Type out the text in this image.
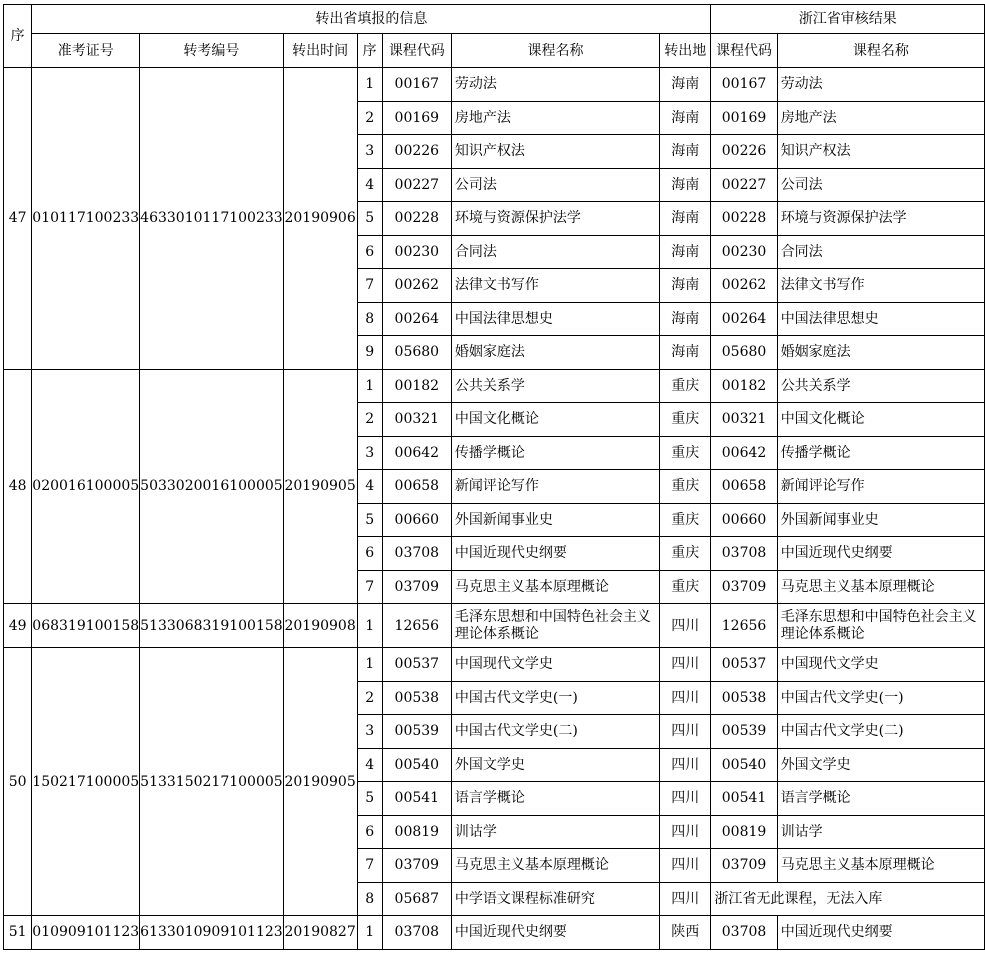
序	转出省填报的信息							浙江省审核结果	
	准考证号	转考编号	转出时间	序	课程代码	课程名称	转出地	课程代码	课程名称
47	010117100233	4633010117100233	20190906	1	00167	劳动法	海南	00167	劳动法
				2	00169	房地产法	海南	00169	房地产法
				3	00226	知识产权法	海南	00226	知识产权法
				4	00227	公司法	海南	00227	公司法
				5	00228	环境与资源保护法学	海南	00228	环境与资源保护法学
				6	00230	合同法	海南	00230	合同法
				7	00262	法律文书写作	海南	00262	法律文书写作
				8	00264	中国法律思想史	海南	00264	中国法律思想史
				9	05680	婚姻家庭法	海南	05680	婚姻家庭法
48	020016100005	5033020016100005	20190905	1	00182	公共关系学	重庆	00182	公共关系学
				2	00321	中国文化概论	重庆	00321	中国文化概论
				3	00642	传播学概论	重庆	00642	传播学概论
				4	00658	新闻评论写作	重庆	00658	新闻评论写作
				5	00660	外国新闻事业史	重庆	00660	外国新闻事业史
				6	03708	中国近现代史纲要	重庆	03708	中国近现代史纲要
				7	03709	马克思主义基本原理概论	重庆	03709	马克思主义基本原理概论
49	068319100158	5133068319100158	20190908	1	12656	毛泽东思想和中国特色社会主义理论体系概论	四川	12656	毛泽东思想和中国特色社会主义理论体系概论
50	150217100005	5133150217100005	20190905	1	00537	中国现代文学史	四川	00537	中国现代文学史
				2	00538	中国古代文学史(一)	四川	00538	中国古代文学史(一)
				3	00539	中国古代文学史(二)	四川	00539	中国古代文学史(二)
				4	00540	外国文学史	四川	00540	外国文学史
				5	00541	语言学概论	四川	00541	语言学概论
				6	00819	训诂学	四川	00819	训诂学
				7	03709	马克思主义基本原理概论	四川	03709	马克思主义基本原理概论
				8	05687	中学语文课程标准研究	四川	浙江省无此课程，无法入库	
51	010909101123	6133010909101123	20190827	1	03708	中国近现代史纲要	陕西	03708	中国近现代史纲要
